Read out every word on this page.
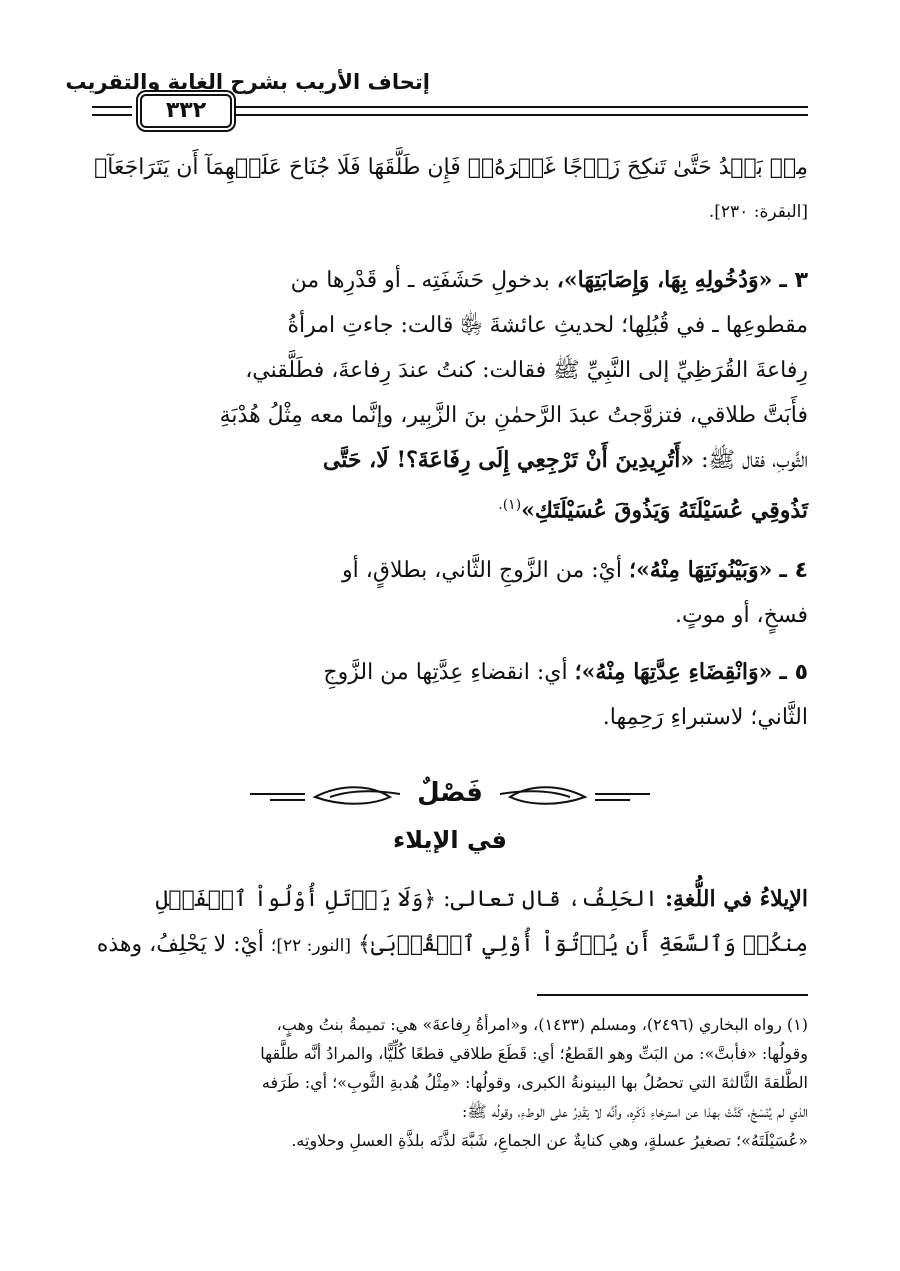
إتحاف الأريب بشرح الغاية والتقريب
٣٣٢
مِنۢ بَعۡدُ حَتَّىٰ تَنكِحَ زَوۡجًا غَيۡرَهُۥۗ فَإِن طَلَّقَهَا فَلَا جُنَاحَ عَلَيۡهِمَآ أَن يَتَرَاجَعَآ﴾
[البقرة: ٢٣٠].
٣ ـ «وَدُخُولِهِ بِهَا، وَإِصَابَتِهَا»، بدخولِ حَشَفَتِه ـ أو قَدْرِها من
مقطوعِها ـ في قُبُلِها؛ لحديثِ عائشةَ ﵂ قالت: جاءتِ امرأةُ
رِفاعةَ القُرَظِيِّ إلى النَّبِيِّ ﷺ فقالت: كنتُ عندَ رِفاعةَ، فطَلَّقني،
فأَبَتَّ طلاقي، فتزوَّجتُ عبدَ الرَّحمٰنِ بنَ الزَّبِير، وإنَّما معه مِثْلُ هُدْبَةِ
الثَّوبِ، فقال ﷺ: «أَتُرِيدِينَ أَنْ تَرْجِعِي إِلَى رِفَاعَةَ؟! لَا، حَتَّى
تَذُوقِي عُسَيْلَتَهُ وَيَذُوقَ عُسَيْلَتَكِ»$^{(١).}$
٤ ـ «وَبَيْنُونَتِهَا مِنْهُ»؛ أيْ: من الزَّوجِ الثَّاني، بطلاقٍ، أو
فسخٍ، أو موتٍ.
٥ ـ «وَانْقِضَاءِ عِدَّتِهَا مِنْهُ»؛ أي: انقضاءِ عِدَّتِها من الزَّوجِ
الثَّاني؛ لاستبراءِ رَحِمِها.
فَصْلٌ
في الإيلاء
الإيلاءُ في اللُّغةِ: الحَلِفُ، قال تعالى: ﴿وَلَا يَأۡتَلِ أُوْلُواْ ٱلۡفَضۡلِ
مِنكُمۡ وَٱلسَّعَةِ أَن يُؤۡتُوٓاْ أُوْلِي ٱلۡقُرۡبَىٰ﴾ [النور: ٢٢]؛ أيْ: لا يَحْلِفُ، وهذه
(١) رواه البخاري (٢٤٩٦)، ومسلم (١٤٣٣)، و«امرأةُ رِفاعةَ» هي: تميمةُ بنتُ وهبٍ،
وقولُها: «فأبتَّ»: من البَتِّ وهو القَطعُ؛ أي: قَطَعَ طلاقي قطعًا كُلِّيًّا، والمرادُ أنَّه طلَّقها
الطَّلقةَ الثَّالثةَ التي تحصُلُ بها البينونةُ الكبرى، وقولُها: «مِثْلُ هُدبةِ الثَّوبِ»؛ أي: طَرَفه
الذي لم يُنْسَجْ، كَنَّتْ بهذا عن استرخاءِ ذَكَرِه، وأنَّه لا يَقْدِرُ على الوطءِ، وقولُه ﷺ:
«عُسَيْلَتَهُ»؛ تصغيرُ عسلةٍ، وهي كنايةٌ عن الجماعِ، شَبَّهَ لذَّتَه بلذَّةِ العسلِ وحلاوتِه.
